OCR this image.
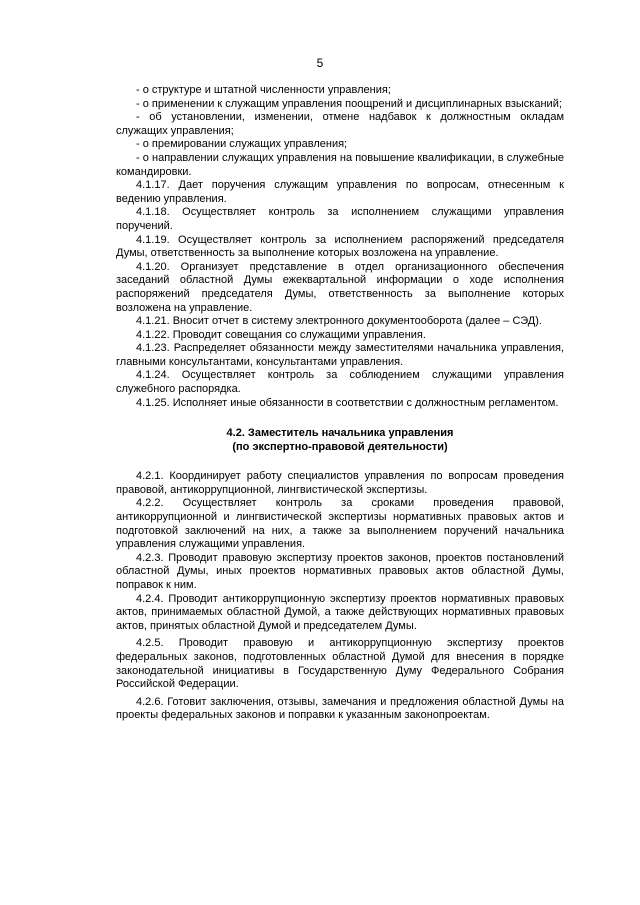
5

- о структуре и штатной численности управления;

- о применении к служащим управления поощрений и дисциплинарных взысканий;

- об установлении, изменении, отмене надбавок к должностным окладам служащих управления;

- о премировании служащих управления;

- о направлении служащих управления на повышение квалификации, в служебные командировки.

4.1.17. Дает поручения служащим управления по вопросам, отнесенным к ведению управления.

4.1.18. Осуществляет контроль за исполнением служащими управления поручений.

4.1.19. Осуществляет контроль за исполнением распоряжений председателя Думы, ответственность за выполнение которых возложена на управление.

4.1.20. Организует представление в отдел организационного обеспечения заседаний областной Думы ежеквартальной информации о ходе исполнения распоряжений председателя Думы, ответственность за выполнение которых возложена на управление.

4.1.21. Вносит отчет в систему электронного документооборота (далее – СЭД).

4.1.22. Проводит совещания со служащими управления.

4.1.23. Распределяет обязанности между заместителями начальника управления, главными консультантами, консультантами управления.

4.1.24. Осуществляет контроль за соблюдением служащими управления служебного распорядка.

4.1.25. Исполняет иные обязанности в соответствии с должностным регламентом.

4.2. Заместитель начальника управления

(по экспертно-правовой деятельности)

4.2.1. Координирует работу специалистов управления по вопросам проведения правовой, антикоррупционной, лингвистической экспертизы.

4.2.2. Осуществляет контроль за сроками проведения правовой, антикоррупционной и лингвистической экспертизы нормативных правовых актов и подготовкой заключений на них, а также за выполнением поручений начальника управления служащими управления.

4.2.3. Проводит правовую экспертизу проектов законов, проектов постановлений областной Думы, иных проектов нормативных правовых актов областной Думы, поправок к ним.

4.2.4. Проводит антикоррупционную экспертизу проектов нормативных правовых актов, принимаемых областной Думой, а также действующих нормативных правовых актов, принятых областной Думой и председателем Думы.

4.2.5. Проводит правовую и антикоррупционную экспертизу проектов федеральных законов, подготовленных областной Думой для внесения в порядке законодательной инициативы в Государственную Думу Федерального Собрания Российской Федерации.

4.2.6. Готовит заключения, отзывы, замечания и предложения областной Думы на проекты федеральных законов и поправки к указанным законопроектам.
